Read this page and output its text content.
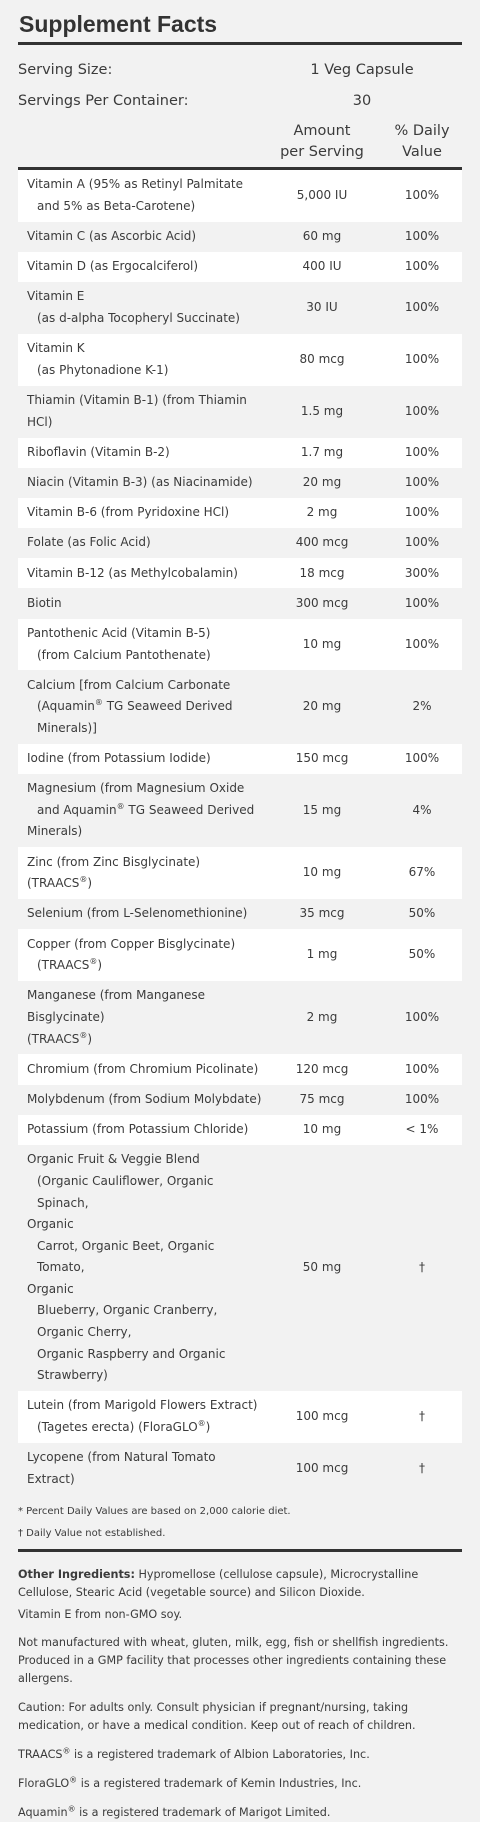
Supplement Facts
Serving Size:	1 Veg Capsule
Servings Per Container:	30
Amount
per Serving
% Daily
Value
Vitamin A (95% as Retinyl Palmitate
and 5% as Beta-Carotene)
5,000 IU	100%
Vitamin C (as Ascorbic Acid)	60 mg	100%
Vitamin D (as Ergocalciferol)	400 IU	100%
Vitamin E
(as d-alpha Tocopheryl Succinate)
30 IU	100%
Vitamin K
(as Phytonadione K-1)
80 mcg	100%
Thiamin (Vitamin B-1) (from Thiamin HCl)
1.5 mg	100%
Riboflavin (Vitamin B-2)	1.7 mg	100%
Niacin (Vitamin B-3) (as Niacinamide)	20 mg	100%
Vitamin B-6 (from Pyridoxine HCl)	2 mg	100%
Folate (as Folic Acid)	400 mcg	100%
Vitamin B-12 (as Methylcobalamin)	18 mcg	300%
Biotin	300 mcg	100%
Pantothenic Acid (Vitamin B-5)
(from Calcium Pantothenate)
10 mg	100%
Calcium [from Calcium Carbonate
(Aquamin® TG Seaweed Derived Minerals)]
20 mg	2%
Iodine (from Potassium Iodide)	150 mcg	100%
Magnesium (from Magnesium Oxide
and Aquamin® TG Seaweed Derived
Minerals)
15 mg	4%
Zinc (from Zinc Bisglycinate) (TRAACS®)
10 mg	67%
Selenium (from L-Selenomethionine)	35 mcg	50%
Copper (from Copper Bisglycinate)
(TRAACS®)
1 mg	50%
Manganese (from Manganese Bisglycinate)
(TRAACS®)
2 mg	100%
Chromium (from Chromium Picolinate)	120 mcg	100%
Molybdenum (from Sodium Molybdate)	75 mcg	100%
Potassium (from Potassium Chloride)	10 mg	< 1%
Organic Fruit & Veggie Blend
(Organic Cauliflower, Organic Spinach,
Organic
Carrot, Organic Beet, Organic Tomato,
Organic
Blueberry, Organic Cranberry, Organic Cherry,
Organic Raspberry and Organic Strawberry)
50 mg	†
Lutein (from Marigold Flowers Extract)
(Tagetes erecta) (FloraGLO®)
100 mcg	†
Lycopene (from Natural Tomato Extract)
100 mcg	†
* Percent Daily Values are based on 2,000 calorie diet.
† Daily Value not established.

Other Ingredients: Hypromellose (cellulose capsule), Microcrystalline Cellulose, Stearic Acid (vegetable source) and Silicon Dioxide.

Vitamin E from non-GMO soy.

Not manufactured with wheat, gluten, milk, egg, fish or shellfish ingredients. Produced in a GMP facility that processes other ingredients containing these allergens.

Caution: For adults only. Consult physician if pregnant/nursing, taking medication, or have a medical condition. Keep out of reach of children.

TRAACS® is a registered trademark of Albion Laboratories, Inc.

FloraGLO® is a registered trademark of Kemin Industries, Inc.

Aquamin® is a registered trademark of Marigot Limited.
